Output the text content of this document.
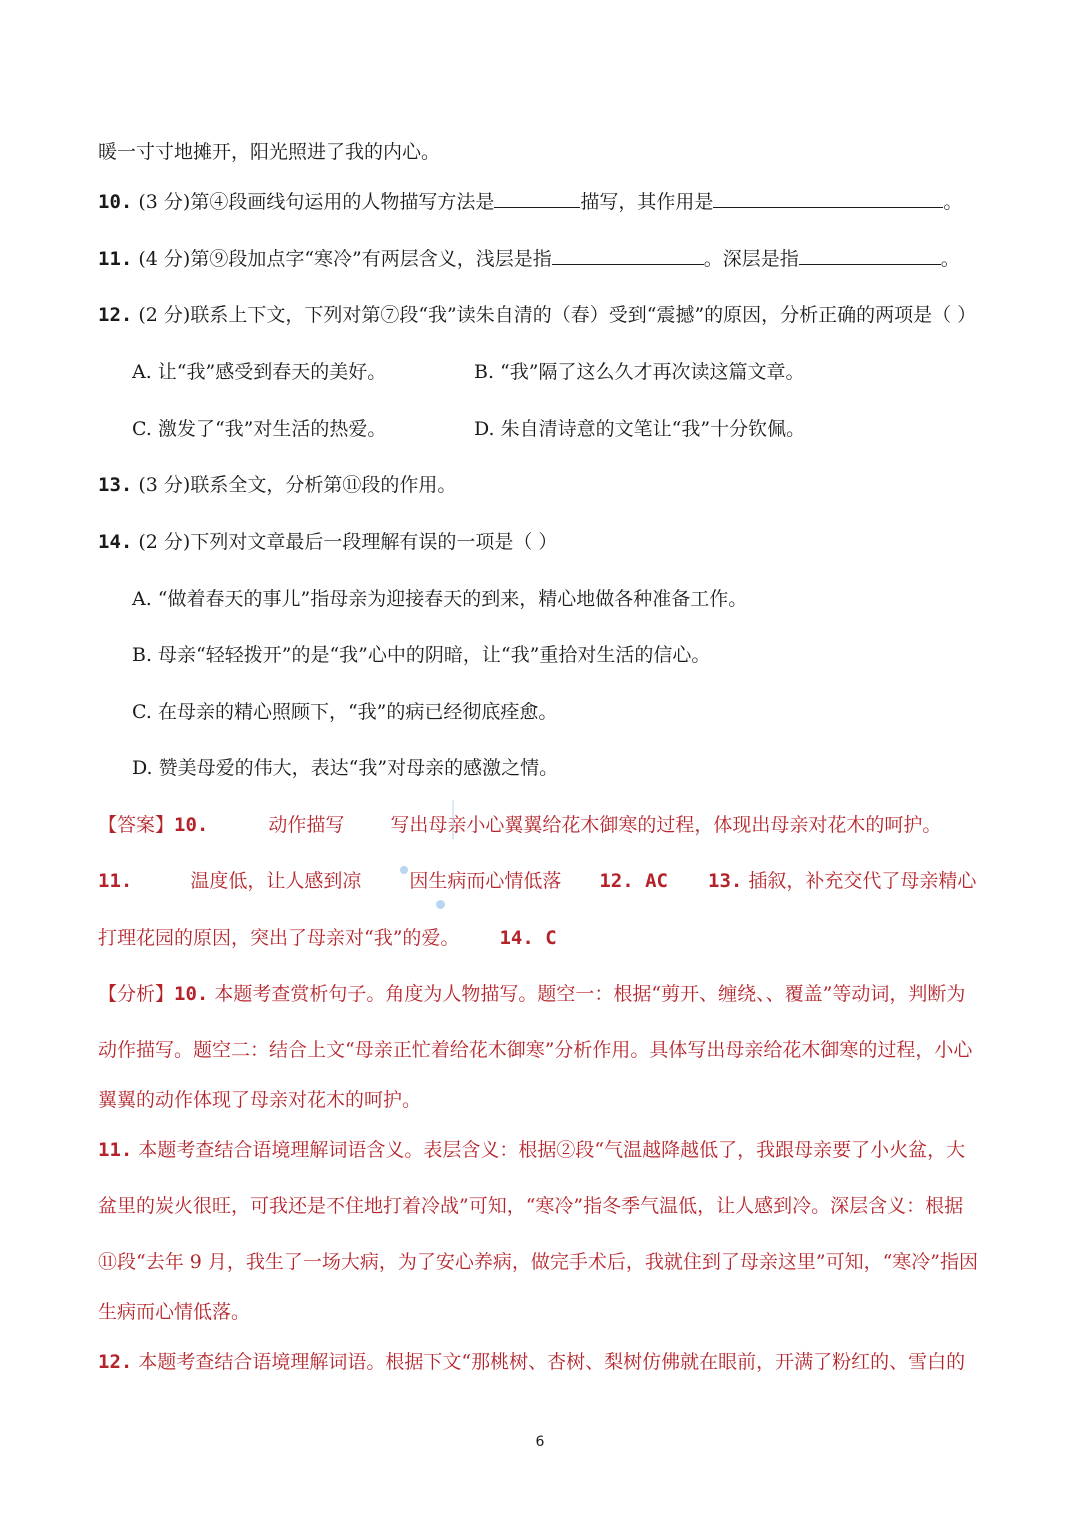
暖一寸寸地摊开，阳光照进了我的内心。
10. (3 分)第④段画线句运用的人物描写方法是	描写，其作用是	。
11. (4 分)第⑨段加点字“寒冷”有两层含义，浅层是指	。深层是指	。
12. (2 分)联系上下文，下列对第⑦段“我”读朱自清的（春）受到“震撼”的原因，分析正确的两项是（ ）
A. 让“我”感受到春天的美好。	B. “我”隔了这么久才再次读这篇文章。
C. 激发了“我”对生活的热爱。	D. 朱自清诗意的文笔让“我”十分钦佩。
13. (3 分)联系全文，分析第⑪段的作用。
14. (2 分)下列对文章最后一段理解有误的一项是（ ）
A. “做着春天的事儿”指母亲为迎接春天的到来，精心地做各种准备工作。
B. 母亲“轻轻拨开”的是“我”心中的阴暗，让“我”重拾对生活的信心。
C. 在母亲的精心照顾下，“我”的病已经彻底痊愈。
D. 赞美母爱的伟大，表达“我”对母亲的感激之情。
【答案】10.	动作描写 写出母亲小心翼翼给花木御寒的过程，体现出母亲对花木的呵护。
11.	温度低，让人感到凉	因生病而心情低落 12. AC 13. 插叙，补充交代了母亲精心
打理花园的原因，突出了母亲对“我”的爱。 14. C
【分析】10. 本题考查赏析句子。角度为人物描写。题空一：根据“剪开、缠绕、、覆盖”等动词，判断为
动作描写。题空二：结合上文“母亲正忙着给花木御寒”分析作用。具体写出母亲给花木御寒的过程，小心
翼翼的动作体现了母亲对花木的呵护。
11. 本题考查结合语境理解词语含义。表层含义：根据②段“气温越降越低了，我跟母亲要了小火盆，大
盆里的炭火很旺，可我还是不住地打着冷战”可知，“寒冷”指冬季气温低，让人感到冷。深层含义：根据
⑪段“去年 9 月，我生了一场大病，为了安心养病，做完手术后，我就住到了母亲这里”可知，“寒冷”指因
生病而心情低落。
12. 本题考查结合语境理解词语。根据下文“那桃树、杏树、梨树仿佛就在眼前，开满了粉红的、雪白的
6
